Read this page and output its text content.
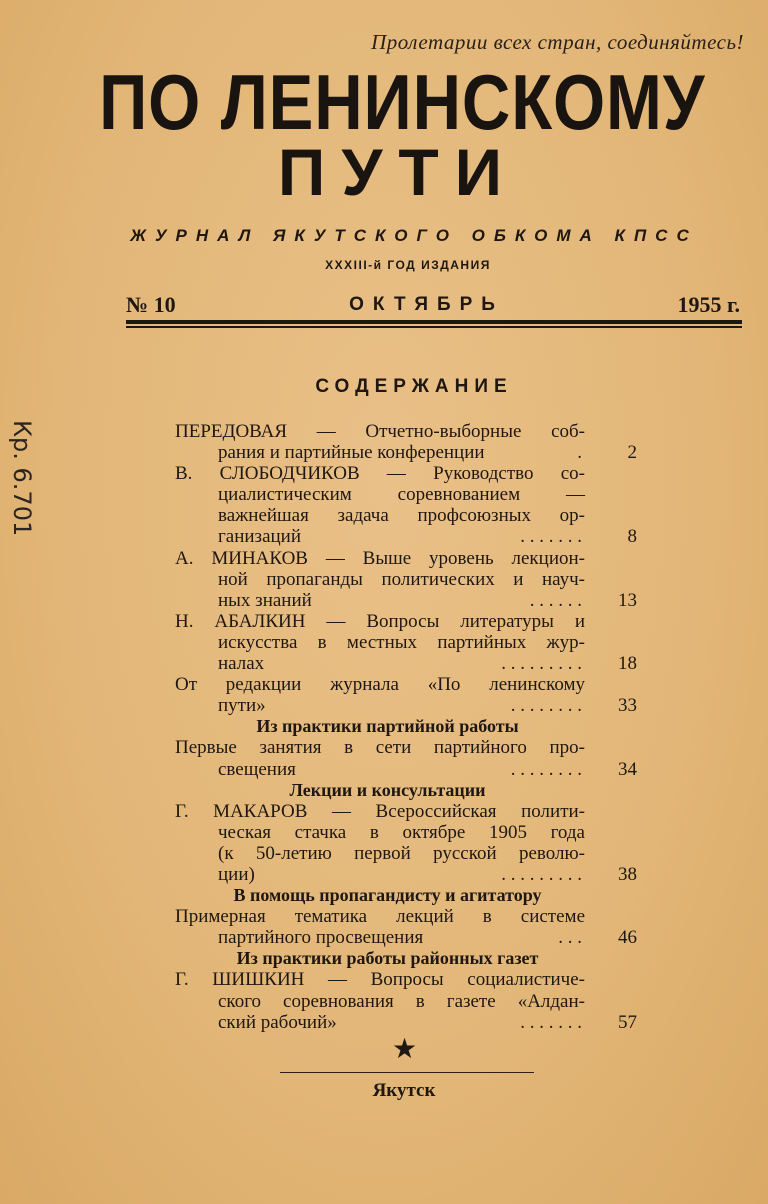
Пролетарии всех стран, соединяйтесь!
ПО ЛЕНИНСКОМУ
ПУТИ
ЖУРНАЛ ЯКУТСКОГО ОБКОМА КПСС
XXXIII-й ГОД ИЗДАНИЯ
№ 10	ОКТЯБРЬ	1955 г.
Кр. 6.701
СОДЕРЖАНИЕ
ПЕРЕДОВАЯ — Отчетно-выборные соб-
рания и партийные конференции	. 2
В. СЛОБОДЧИКОВ — Руководство со-
циалистическим соревнованием —
важнейшая задача профсоюзных ор-
ганизаций	. . . . . . . 8
А. МИНАКОВ — Выше уровень лекцион-
ной пропаганды политических и науч-
ных знаний	. . . . . . 13
Н. АБАЛКИН — Вопросы литературы и
искусства в местных партийных жур-
налах	. . . . . . . . . 18
От редакции журнала «По ленинскому
пути»	. . . . . . . . 33
Из практики партийной работы
Первые занятия в сети партийного про-
свещения	. . . . . . . . 34
Лекции и консультации
Г. МАКАРОВ — Всероссийская полити-
ческая стачка в октябре 1905 года
(к 50-летию первой русской револю-
ции)	. . . . . . . . . 38
В помощь пропагандисту и агитатору
Примерная тематика лекций в системе
партийного просвещения	. . . 46
Из практики работы районных газет
Г. ШИШКИН — Вопросы социалистиче-
ского соревнования в газете «Алдан-
ский рабочий»	. . . . . . . 57
★
Якутск
